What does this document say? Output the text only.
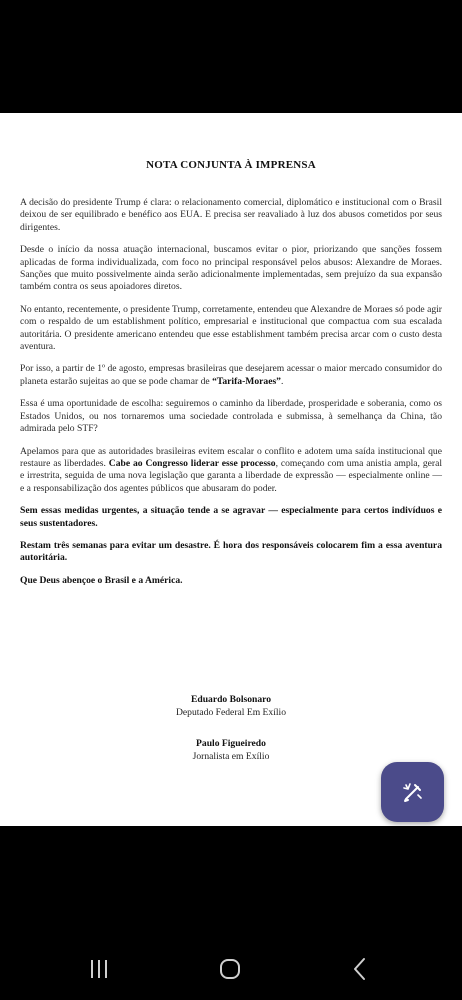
NOTA CONJUNTA À IMPRENSA

A decisão do presidente Trump é clara: o relacionamento comercial, diplomático e institucional com o Brasil deixou de ser equilibrado e benéfico aos EUA. E precisa ser reavaliado à luz dos abusos cometidos por seus dirigentes.

Desde o início da nossa atuação internacional, buscamos evitar o pior, priorizando que sanções fossem aplicadas de forma individualizada, com foco no principal responsável pelos abusos: Alexandre de Moraes. Sanções que muito possivelmente ainda serão adicionalmente implementadas, sem prejuízo da sua expansão também contra os seus apoiadores diretos.

No entanto, recentemente, o presidente Trump, corretamente, entendeu que Alexandre de Moraes só pode agir com o respaldo de um establishment político, empresarial e institucional que compactua com sua escalada autoritária. O presidente americano entendeu que esse establishment também precisa arcar com o custo desta aventura.

Por isso, a partir de 1º de agosto, empresas brasileiras que desejarem acessar o maior mercado consumidor do planeta estarão sujeitas ao que se pode chamar de “Tarifa-Moraes”.

Essa é uma oportunidade de escolha: seguiremos o caminho da liberdade, prosperidade e soberania, como os Estados Unidos, ou nos tornaremos uma sociedade controlada e submissa, à semelhança da China, tão admirada pelo STF?

Apelamos para que as autoridades brasileiras evitem escalar o conflito e adotem uma saída institucional que restaure as liberdades. Cabe ao Congresso liderar esse processo, começando com uma anistia ampla, geral e irrestrita, seguida de uma nova legislação que garanta a liberdade de expressão — especialmente online — e a responsabilização dos agentes públicos que abusaram do poder.

Sem essas medidas urgentes, a situação tende a se agravar — especialmente para certos indivíduos e seus sustentadores.

Restam três semanas para evitar um desastre. É hora dos responsáveis colocarem fim a essa aventura autoritária.

Que Deus abençoe o Brasil e a América.

Eduardo Bolsonaro
Deputado Federal Em Exílio
Paulo Figueiredo
Jornalista em Exílio
